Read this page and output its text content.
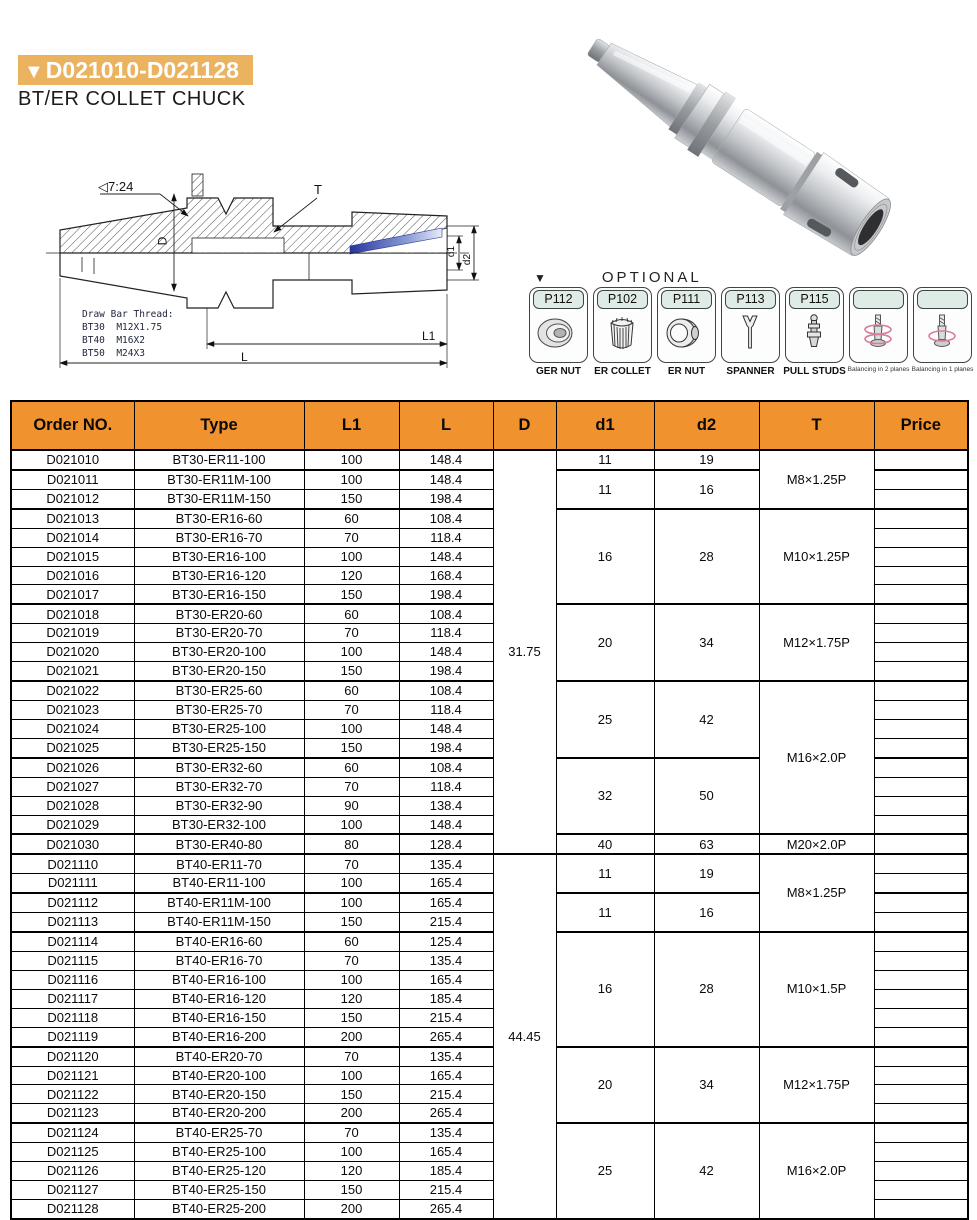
▼D021010-D021128
BT/ER COLLET CHUCK
◁7:24	T
D
d1
d2
L1
L
Draw Bar Thread:
BT30  M12X1.75
BT40  M16X2
BT50  M24X3
▼	OPTIONAL
P112
GER NUT
P102
ER COLLET
P111
ER NUT
P113
SPANNER
P115
PULL STUDS Balancing in 2 planes Balancing in 1 planes
Order NO.	Type	L1	L	D	d1	d2	T	Price
D021010	BT30-ER11-100	100	148.4	31.75	11	19	M8×1.25P	
D021011	BT30-ER11M-100	100	148.4		11	16		
D021012	BT30-ER11M-150	150	198.4					
D021013	BT30-ER16-60	60	108.4		16	28	M10×1.25P	
D021014	BT30-ER16-70	70	118.4					
D021015	BT30-ER16-100	100	148.4					
D021016	BT30-ER16-120	120	168.4					
D021017	BT30-ER16-150	150	198.4					
D021018	BT30-ER20-60	60	108.4		20	34	M12×1.75P	
D021019	BT30-ER20-70	70	118.4					
D021020	BT30-ER20-100	100	148.4					
D021021	BT30-ER20-150	150	198.4					
D021022	BT30-ER25-60	60	108.4		25	42	M16×2.0P	
D021023	BT30-ER25-70	70	118.4					
D021024	BT30-ER25-100	100	148.4					
D021025	BT30-ER25-150	150	198.4					
D021026	BT30-ER32-60	60	108.4		32	50		
D021027	BT30-ER32-70	70	118.4					
D021028	BT30-ER32-90	90	138.4					
D021029	BT30-ER32-100	100	148.4					
D021030	BT30-ER40-80	80	128.4		40	63	M20×2.0P	
D021110	BT40-ER11-70	70	135.4	44.45	11	19	M8×1.25P	
D021111	BT40-ER11-100	100	165.4					
D021112	BT40-ER11M-100	100	165.4		11	16		
D021113	BT40-ER11M-150	150	215.4					
D021114	BT40-ER16-60	60	125.4		16	28	M10×1.5P	
D021115	BT40-ER16-70	70	135.4					
D021116	BT40-ER16-100	100	165.4					
D021117	BT40-ER16-120	120	185.4					
D021118	BT40-ER16-150	150	215.4					
D021119	BT40-ER16-200	200	265.4					
D021120	BT40-ER20-70	70	135.4		20	34	M12×1.75P	
D021121	BT40-ER20-100	100	165.4					
D021122	BT40-ER20-150	150	215.4					
D021123	BT40-ER20-200	200	265.4					
D021124	BT40-ER25-70	70	135.4		25	42	M16×2.0P	
D021125	BT40-ER25-100	100	165.4					
D021126	BT40-ER25-120	120	185.4					
D021127	BT40-ER25-150	150	215.4					
D021128	BT40-ER25-200	200	265.4					
